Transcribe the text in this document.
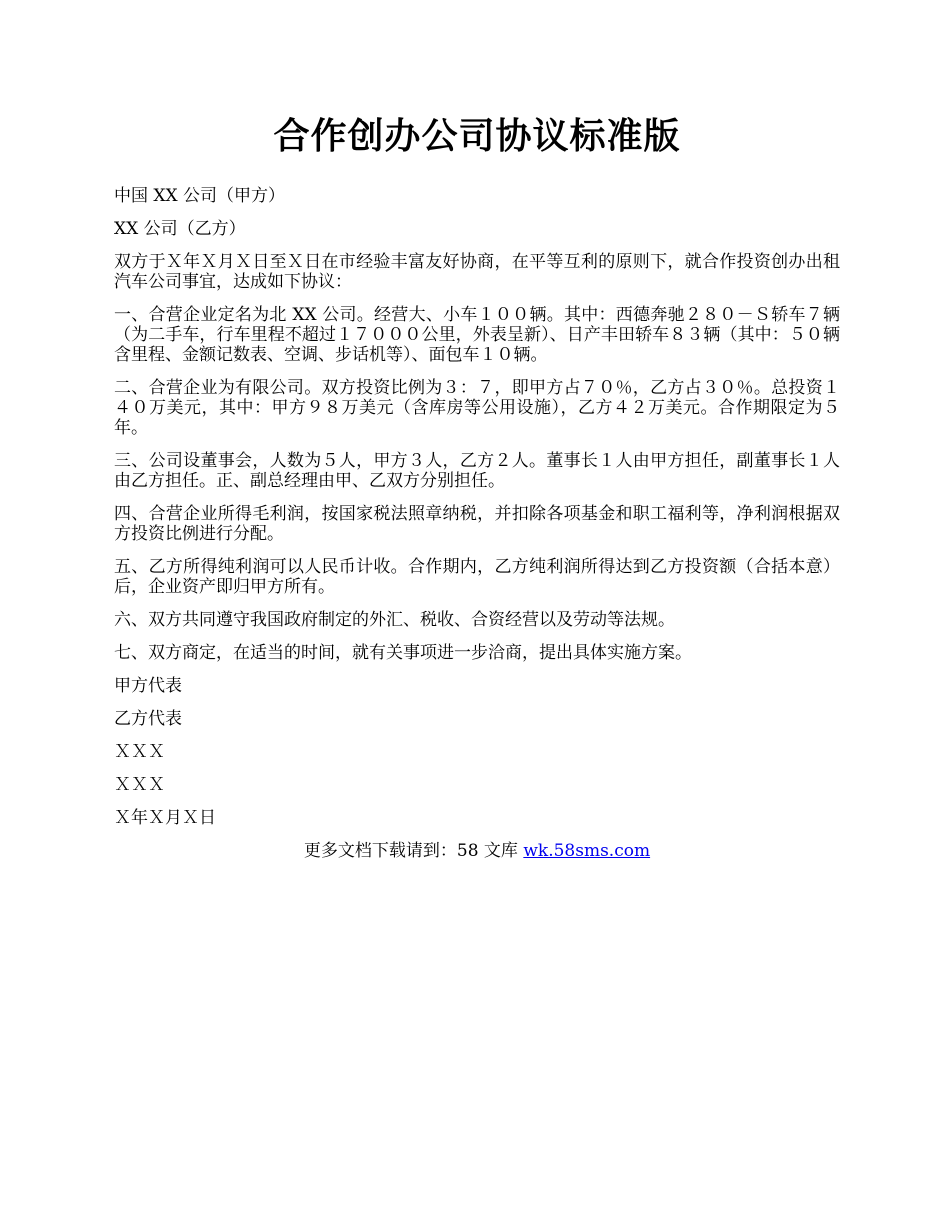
合作创办公司协议标准版

中国 XX 公司（甲方）

XX 公司（乙方）

双方于Ｘ年Ｘ月Ｘ日至Ｘ日在市经验丰富友好协商，在平等互利的原则下，就合作投资创办出租汽车公司事宜，达成如下协议：

一、合营企业定名为北 XX 公司。经营大、小车１００辆。其中：西德奔驰２８０－Ｓ轿车７辆（为二手车，行车里程不超过１７０００公里，外表呈新）、日产丰田轿车８３辆（其中：５０辆含里程、金额记数表、空调、步话机等）、面包车１０辆。

二、合营企业为有限公司。双方投资比例为３：７，即甲方占７０％，乙方占３０％。总投资１４０万美元，其中：甲方９８万美元（含库房等公用设施），乙方４２万美元。合作期限定为５年。

三、公司设董事会，人数为５人，甲方３人，乙方２人。董事长１人由甲方担任，副董事长１人由乙方担任。正、副总经理由甲、乙双方分别担任。

四、合营企业所得毛利润，按国家税法照章纳税，并扣除各项基金和职工福利等，净利润根据双方投资比例进行分配。

五、乙方所得纯利润可以人民币计收。合作期内，乙方纯利润所得达到乙方投资额（合括本意）后，企业资产即归甲方所有。

六、双方共同遵守我国政府制定的外汇、税收、合资经营以及劳动等法规。

七、双方商定，在适当的时间，就有关事项进一步洽商，提出具体实施方案。

甲方代表

乙方代表

ＸＸＸ

ＸＸＸ

Ｘ年Ｘ月Ｘ日

更多文档下载请到：58 文库 wk.58sms.com
